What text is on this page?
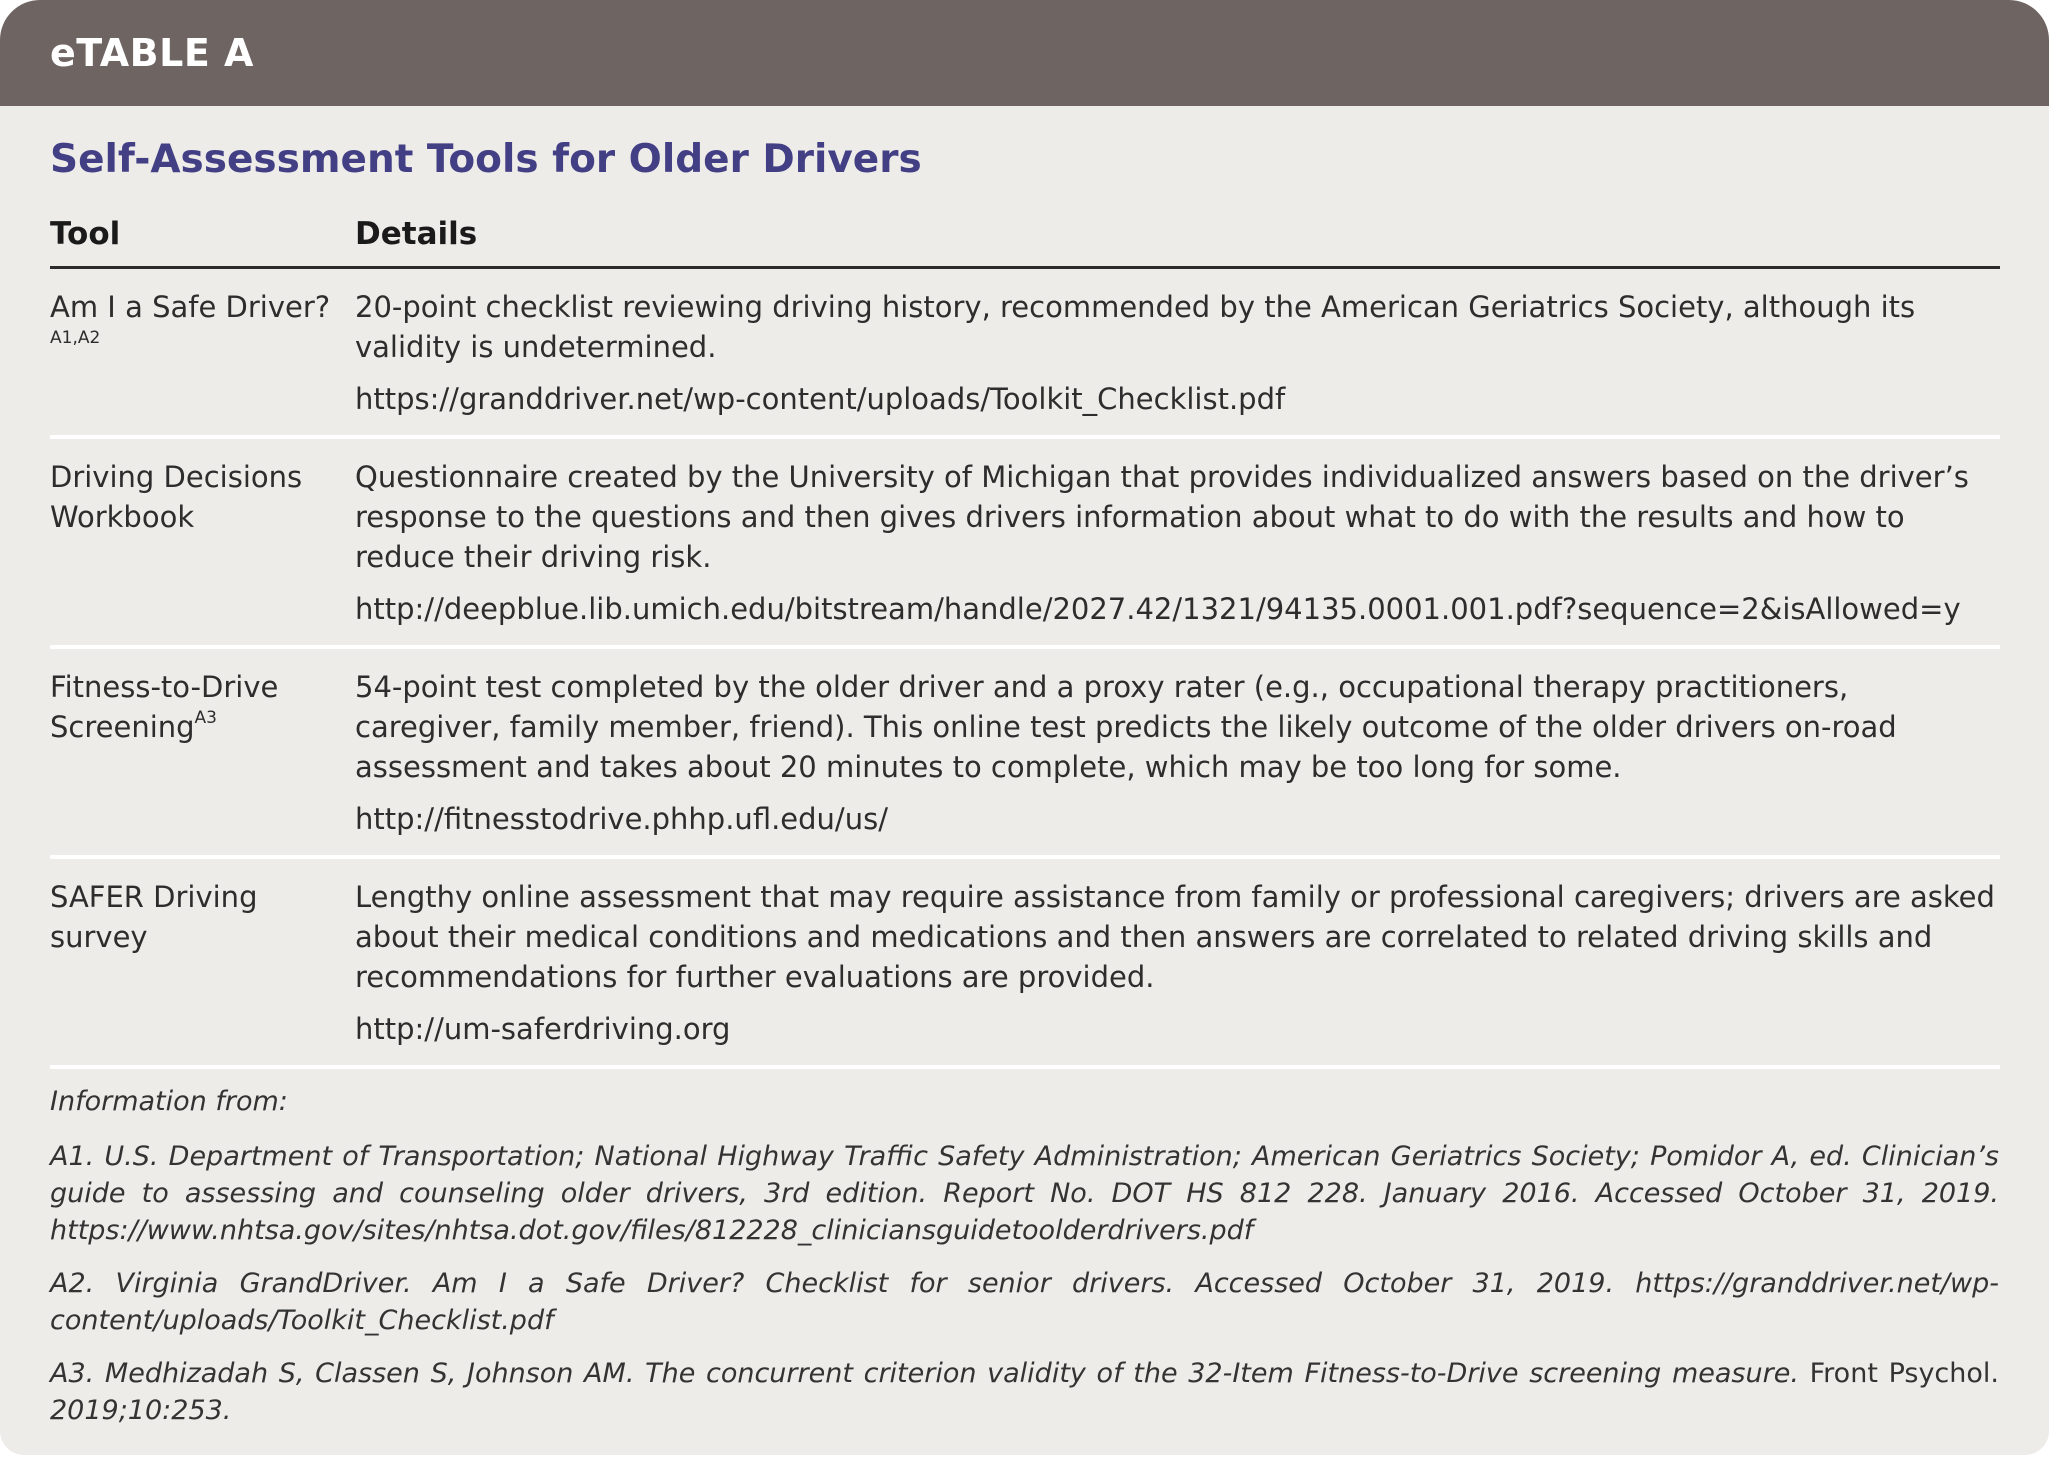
eTABLE A
Self-Assessment Tools for Older Drivers
Tool	Details
Am I a Safe Driver?$^{A1,A2}$	20-point checklist reviewing driving history, recommended by the American Geriatrics Society, although its validity is undetermined.

https://granddriver.net/wp-content/uploads/Toolkit_Checklist.pdf

Driving Decisions Workbook	Questionnaire created by the University of Michigan that provides individualized answers based on the driver’s response to the questions and then gives drivers information about what to do with the results and how to reduce their driving risk.

http://deepblue.lib.umich.edu/bitstream/handle/2027.42/1321/94135.0001.001.pdf?sequence=2&isAllowed=y

Fitness-to-Drive Screening$^{A3}$	54-point test completed by the older driver and a proxy rater (e.g., occupational therapy practitioners, caregiver, family member, friend). This online test predicts the likely outcome of the older drivers on-road assessment and takes about 20 minutes to complete, which may be too long for some.

http://fitnesstodrive.phhp.ufl.edu/us/

SAFER Driving survey	Lengthy online assessment that may require assistance from family or professional caregivers; drivers are asked about their medical conditions and medications and then answers are correlated to related driving skills and recommendations for further evaluations are provided.

http://um-saferdriving.org

Information from:

A1. U.S. Department of Transportation; National Highway Traffic Safety Administration; American Geriatrics Society; Pomidor A, ed. Clinician’s guide to assessing and counseling older drivers, 3rd edition. Report No. DOT HS 812 228. January 2016. Accessed October 31, 2019. https://www.nhtsa.gov/sites/nhtsa.dot.gov/files/812228_cliniciansguidetoolderdrivers.pdf

A2. Virginia GrandDriver. Am I a Safe Driver? Checklist for senior drivers. Accessed October 31, 2019. https://granddriver.net/wp-content/uploads/Toolkit_Checklist.pdf

A3. Medhizadah S, Classen S, Johnson AM. The concurrent criterion validity of the 32-Item Fitness-to-Drive screening measure. Front Psychol. 2019;10:253.
